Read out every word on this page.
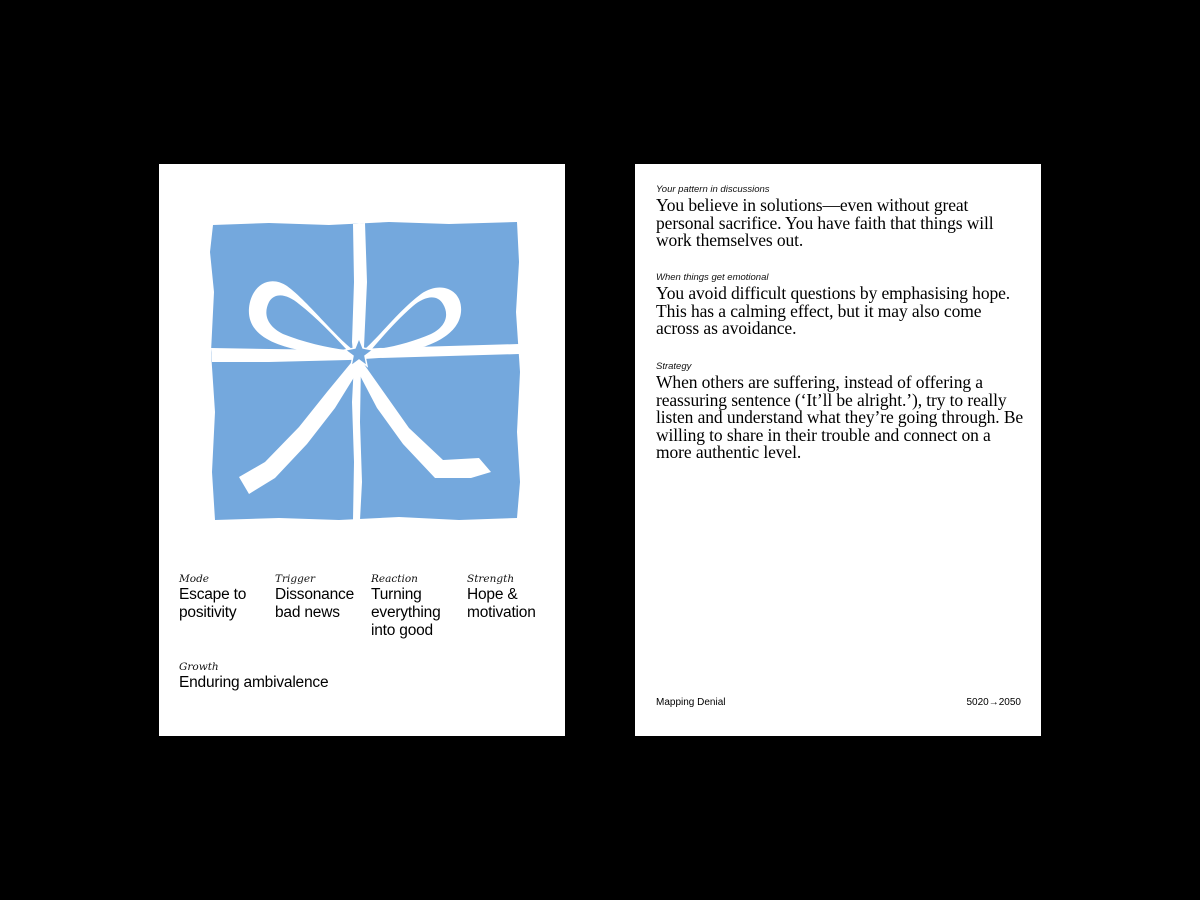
Mode
Escape to
positivity
Trigger
Dissonance
bad news
Reaction
Turning
everything
into good
Strength
Hope &
motivation
Growth
Enduring ambivalence
Your pattern in discussions
You believe in solutions—even without great personal sacrifice. You have faith that things will work themselves out.
When things get emotional
You avoid difficult questions by emphasising hope. This has a calming effect, but it may also come across as avoidance.
Strategy
When others are suffering, instead of offering a reassuring sentence (‘It’ll be alright.’), try to really listen and understand what they’re going through. Be willing to share in their trouble and connect on a more authentic level.
Mapping Denial	5020→2050
